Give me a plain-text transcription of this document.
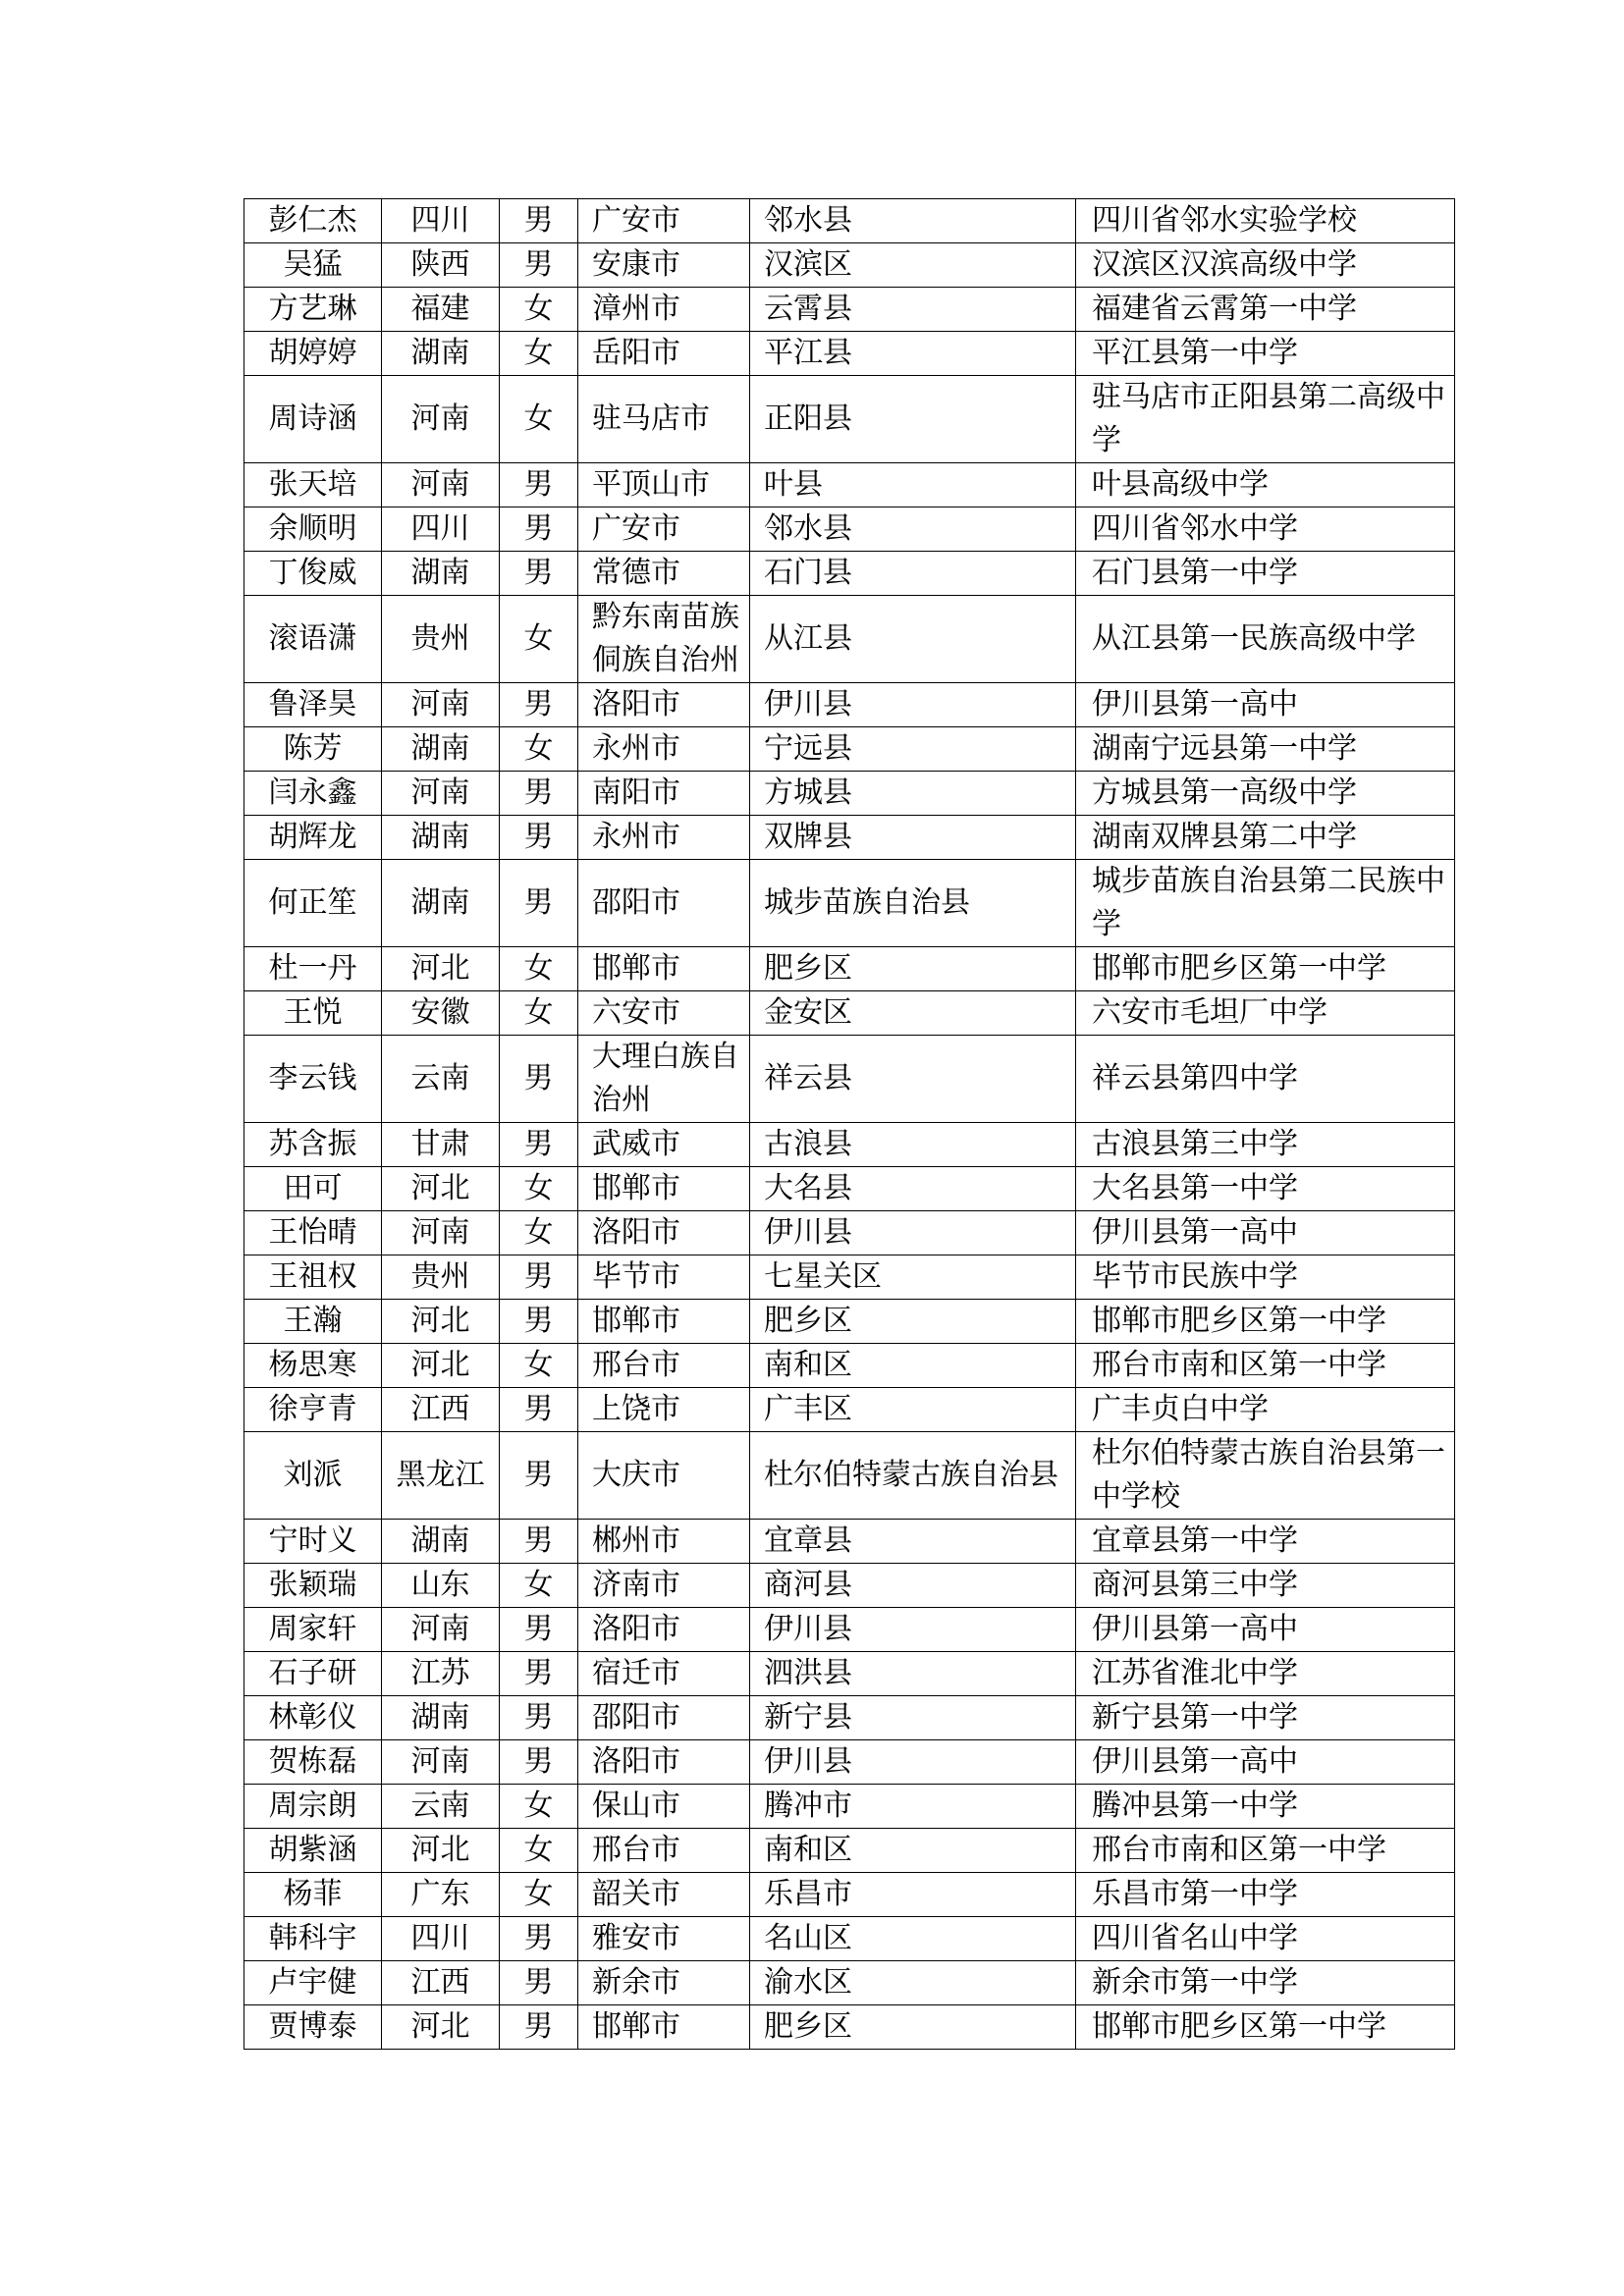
彭仁杰	四川	男	广安市	邻水县	四川省邻水实验学校
吴猛	陕西	男	安康市	汉滨区	汉滨区汉滨高级中学
方艺琳	福建	女	漳州市	云霄县	福建省云霄第一中学
胡婷婷	湖南	女	岳阳市	平江县	平江县第一中学
周诗涵	河南	女	驻马店市	正阳县	驻马店市正阳县第二高级中学
张天培	河南	男	平顶山市	叶县	叶县高级中学
余顺明	四川	男	广安市	邻水县	四川省邻水中学
丁俊威	湖南	男	常德市	石门县	石门县第一中学
滚语潇	贵州	女	黔东南苗族侗族自治州	从江县	从江县第一民族高级中学
鲁泽昊	河南	男	洛阳市	伊川县	伊川县第一高中
陈芳	湖南	女	永州市	宁远县	湖南宁远县第一中学
闫永鑫	河南	男	南阳市	方城县	方城县第一高级中学
胡辉龙	湖南	男	永州市	双牌县	湖南双牌县第二中学
何正笙	湖南	男	邵阳市	城步苗族自治县	城步苗族自治县第二民族中学
杜一丹	河北	女	邯郸市	肥乡区	邯郸市肥乡区第一中学
王悦	安徽	女	六安市	金安区	六安市毛坦厂中学
李云钱	云南	男	大理白族自治州	祥云县	祥云县第四中学
苏含振	甘肃	男	武威市	古浪县	古浪县第三中学
田可	河北	女	邯郸市	大名县	大名县第一中学
王怡晴	河南	女	洛阳市	伊川县	伊川县第一高中
王祖权	贵州	男	毕节市	七星关区	毕节市民族中学
王瀚	河北	男	邯郸市	肥乡区	邯郸市肥乡区第一中学
杨思寒	河北	女	邢台市	南和区	邢台市南和区第一中学
徐亨青	江西	男	上饶市	广丰区	广丰贞白中学
刘派	黑龙江	男	大庆市	杜尔伯特蒙古族自治县	杜尔伯特蒙古族自治县第一中学校
宁时义	湖南	男	郴州市	宜章县	宜章县第一中学
张颖瑞	山东	女	济南市	商河县	商河县第三中学
周家轩	河南	男	洛阳市	伊川县	伊川县第一高中
石子研	江苏	男	宿迁市	泗洪县	江苏省淮北中学
林彰仪	湖南	男	邵阳市	新宁县	新宁县第一中学
贺栋磊	河南	男	洛阳市	伊川县	伊川县第一高中
周宗朗	云南	女	保山市	腾冲市	腾冲县第一中学
胡紫涵	河北	女	邢台市	南和区	邢台市南和区第一中学
杨菲	广东	女	韶关市	乐昌市	乐昌市第一中学
韩科宇	四川	男	雅安市	名山区	四川省名山中学
卢宇健	江西	男	新余市	渝水区	新余市第一中学
贾博泰	河北	男	邯郸市	肥乡区	邯郸市肥乡区第一中学
